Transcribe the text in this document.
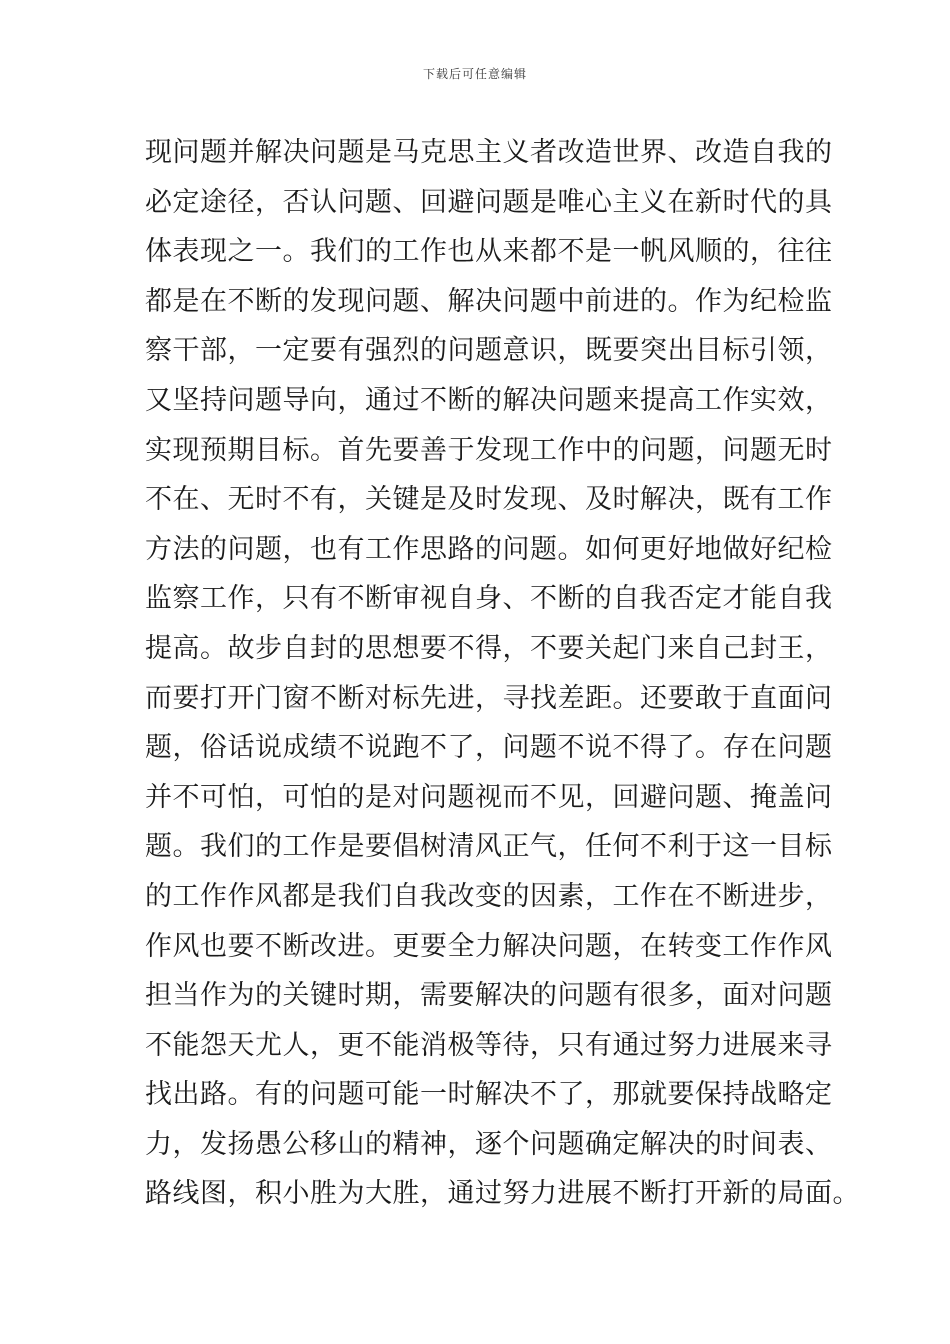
下载后可任意编辑
现问题并解决问题是马克思主义者改造世界、改造自我的
必定途径，否认问题、回避问题是唯心主义在新时代的具
体表现之一。我们的工作也从来都不是一帆风顺的，往往
都是在不断的发现问题、解决问题中前进的。作为纪检监
察干部，一定要有强烈的问题意识，既要突出目标引领，
又坚持问题导向，通过不断的解决问题来提高工作实效，
实现预期目标。首先要善于发现工作中的问题，问题无时
不在、无时不有，关键是及时发现、及时解决，既有工作
方法的问题，也有工作思路的问题。如何更好地做好纪检
监察工作，只有不断审视自身、不断的自我否定才能自我
提高。故步自封的思想要不得，不要关起门来自己封王，
而要打开门窗不断对标先进，寻找差距。还要敢于直面问
题，俗话说成绩不说跑不了，问题不说不得了。存在问题
并不可怕，可怕的是对问题视而不见，回避问题、掩盖问
题。我们的工作是要倡树清风正气，任何不利于这一目标
的工作作风都是我们自我改变的因素，工作在不断进步，
作风也要不断改进。更要全力解决问题，在转变工作作风
担当作为的关键时期，需要解决的问题有很多，面对问题
不能怨天尤人，更不能消极等待，只有通过努力进展来寻
找出路。有的问题可能一时解决不了，那就要保持战略定
力，发扬愚公移山的精神，逐个问题确定解决的时间表、
路线图，积小胜为大胜，通过努力进展不断打开新的局面。
